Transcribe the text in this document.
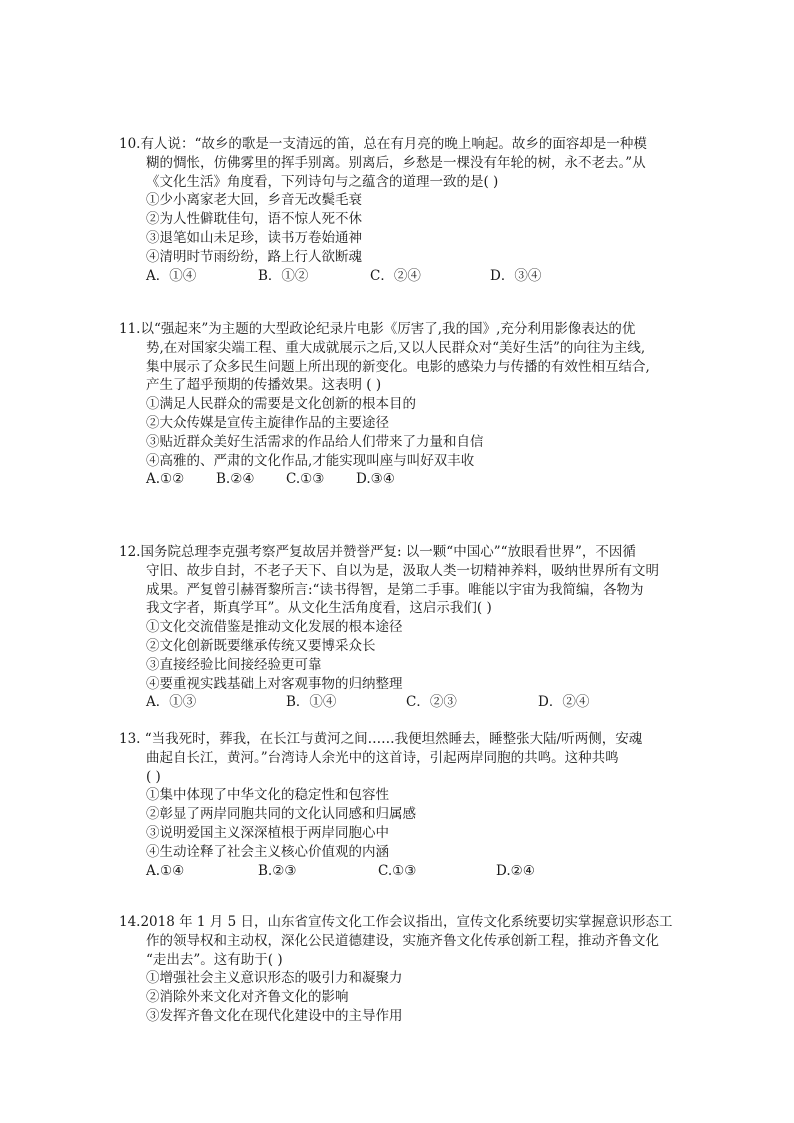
10.有人说：“故乡的歌是一支清远的笛，总在有月亮的晚上响起。故乡的面容却是一种模
糊的惆怅，仿佛雾里的挥手别离。别离后，乡愁是一棵没有年轮的树，永不老去。”从
《文化生活》角度看，下列诗句与之蕴含的道理一致的是( )
①少小离家老大回，乡音无改鬓毛衰
②为人性僻耽佳句，语不惊人死不休
③退笔如山未足珍，读书万卷始通神
④清明时节雨纷纷，路上行人欲断魂
A．①④	B．①②	C．②④	D．③④
11.以“强起来”为主题的大型政论纪录片电影《厉害了,我的国》,充分利用影像表达的优
势,在对国家尖端工程、重大成就展示之后,又以人民群众对“美好生活”的向往为主线,
集中展示了众多民生问题上所出现的新变化。电影的感染力与传播的有效性相互结合,
产生了超乎预期的传播效果。这表明 ( )
①满足人民群众的需要是文化创新的根本目的
②大众传媒是宣传主旋律作品的主要途径
③贴近群众美好生活需求的作品给人们带来了力量和自信
④高雅的、严肃的文化作品,才能实现叫座与叫好双丰收
A.①② B.②④ C.①③ D.③④
12.国务院总理李克强考察严复故居并赞誉严复: 以一颗“中国心”“放眼看世界”，不因循
守旧、故步自封，不老子天下、自以为是，汲取人类一切精神养料，吸纳世界所有文明
成果。严复曾引赫胥黎所言:“读书得智，是第二手事。唯能以宇宙为我简编，各物为
我文字者，斯真学耳”。从文化生活角度看，这启示我们( )
①文化交流借鉴是推动文化发展的根本途径
②文化创新既要继承传统又要博采众长
③直接经验比间接经验更可靠
④要重视实践基础上对客观事物的归纳整理
A．①③	B．①④	C．②③	D．②④
13. “当我死时，葬我，在长江与黄河之间……我便坦然睡去，睡整张大陆/听两侧，安魂
曲起自长江，黄河。”台湾诗人余光中的这首诗，引起两岸同胞的共鸣。这种共鸣
( )
①集中体现了中华文化的稳定性和包容性
②彰显了两岸同胞共同的文化认同感和归属感
③说明爱国主义深深植根于两岸同胞心中
④生动诠释了社会主义核心价值观的内涵
A.①④	B.②③	C.①③	D.②④
14.2018 年 1 月 5 日，山东省宣传文化工作会议指出，宣传文化系统要切实掌握意识形态工
作的领导权和主动权，深化公民道德建设，实施齐鲁文化传承创新工程，推动齐鲁文化
“走出去”。这有助于( )
①增强社会主义意识形态的吸引力和凝聚力
②消除外来文化对齐鲁文化的影响
③发挥齐鲁文化在现代化建设中的主导作用
